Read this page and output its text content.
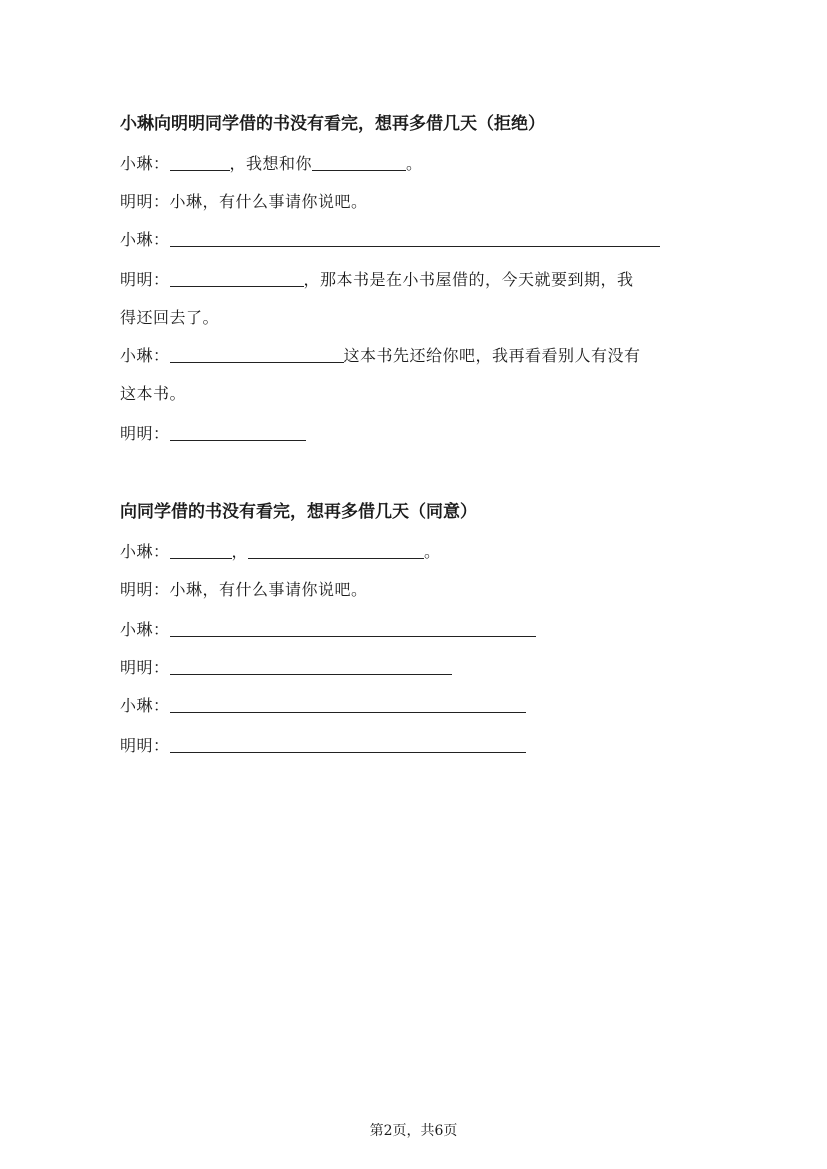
小琳向明明同学借的书没有看完，想再多借几天（拒绝）
小琳：	，我想和你	。
明明：小琳，有什么事请你说吧。
小琳：
明明：	，那本书是在小书屋借的，今天就要到期，我
得还回去了。
小琳：	这本书先还给你吧，我再看看别人有没有
这本书。
明明：
向同学借的书没有看完，想再多借几天（同意）
小琳：	，	。
明明：小琳，有什么事请你说吧。
小琳：
明明：
小琳：
明明：
第2页，共6页
